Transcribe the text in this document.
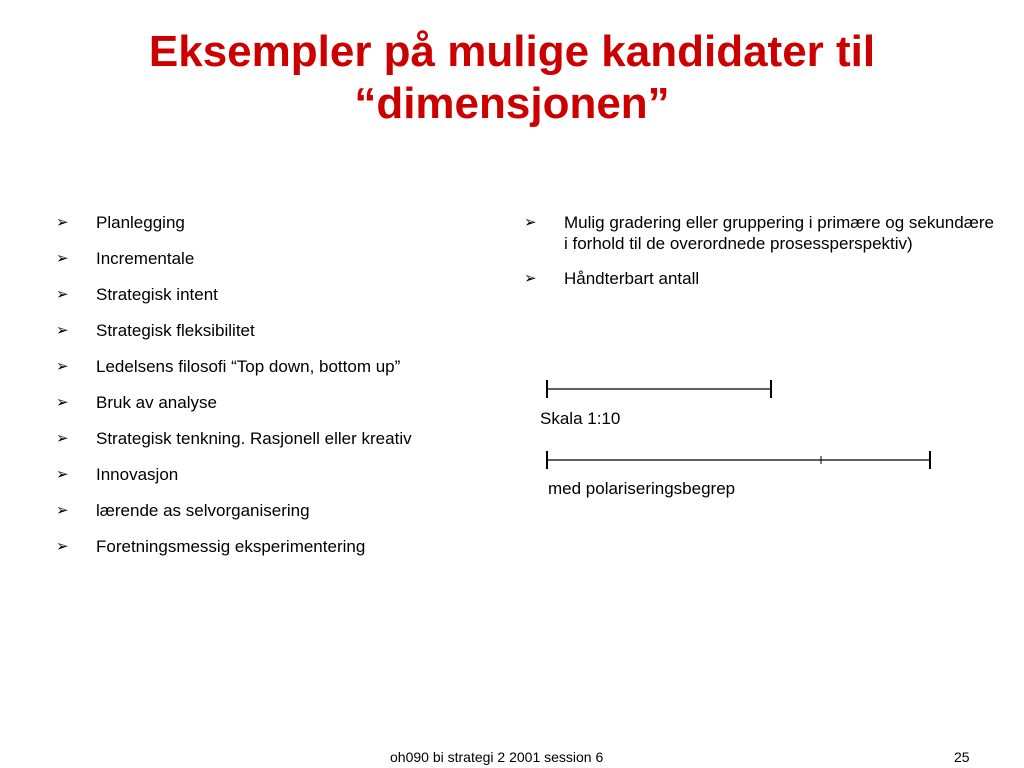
Eksempler på mulige kandidater til
“dimensjonen”
➢ Planlegging
➢ Incrementale
➢ Strategisk intent
➢ Strategisk fleksibilitet
➢ Ledelsens filosofi “Top down, bottom up”
➢ Bruk av analyse
➢ Strategisk tenkning. Rasjonell eller kreativ
➢ Innovasjon
➢ lærende as selvorganisering
➢ Foretningsmessig eksperimentering
➢ Mulig gradering eller gruppering i primære og sekundære i forhold til de overordnede prosessperspektiv)
➢ Håndterbart antall
Skala 1:10
med polariseringsbegrep
oh090 bi strategi 2 2001 session 6	25
